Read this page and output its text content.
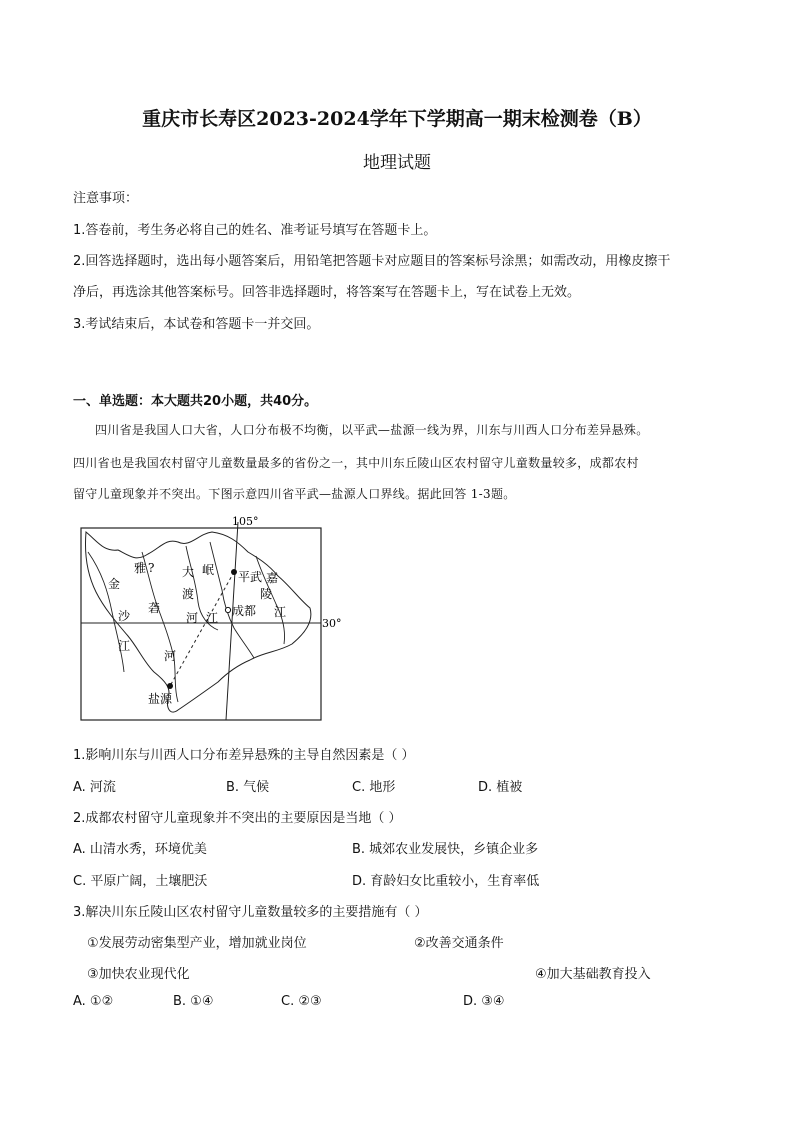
重庆市长寿区2023-2024学年下学期高一期末检测卷（B）
地理试题
注意事项：
1.答卷前，考生务必将自己的姓名、准考证号填写在答题卡上。
2.回答选择题时，选出每小题答案后，用铅笔把答题卡对应题目的答案标号涂黑；如需改动，用橡皮擦干
净后，再选涂其他答案标号。回答非选择题时，将答案写在答题卡上，写在试卷上无效。
3.考试结束后，本试卷和答题卡一并交回。
一、单选题：本大题共20小题，共40分。
四川省是我国人口大省，人口分布极不均衡，以平武—盐源一线为界，川东与川西人口分布差异悬殊。
四川省也是我国农村留守儿童数量最多的省份之一，其中川东丘陵山区农村留守儿童数量较多，成都农村
留守儿童现象并不突出。下图示意四川省平武—盐源人口界线。据此回答 1-3题。
105°
30°
平武
成都
盐源
雅 ?
金
沙
江
砻
河
大 岷
渡
河 江
嘉
陵
江
1.影响川东与川西人口分布差异悬殊的主导自然因素是（ ）
A. 河流	B. 气候	C. 地形	D. 植被
2.成都农村留守儿童现象并不突出的主要原因是当地（ ）
A. 山清水秀，环境优美	B. 城郊农业发展快，乡镇企业多
C. 平原广阔，土壤肥沃	D. 育龄妇女比重较小，生育率低
3.解决川东丘陵山区农村留守儿童数量较多的主要措施有（ ）
①发展劳动密集型产业，增加就业岗位	②改善交通条件
③加快农业现代化	④加大基础教育投入
A. ①②	B. ①④	C. ②③	D. ③④
